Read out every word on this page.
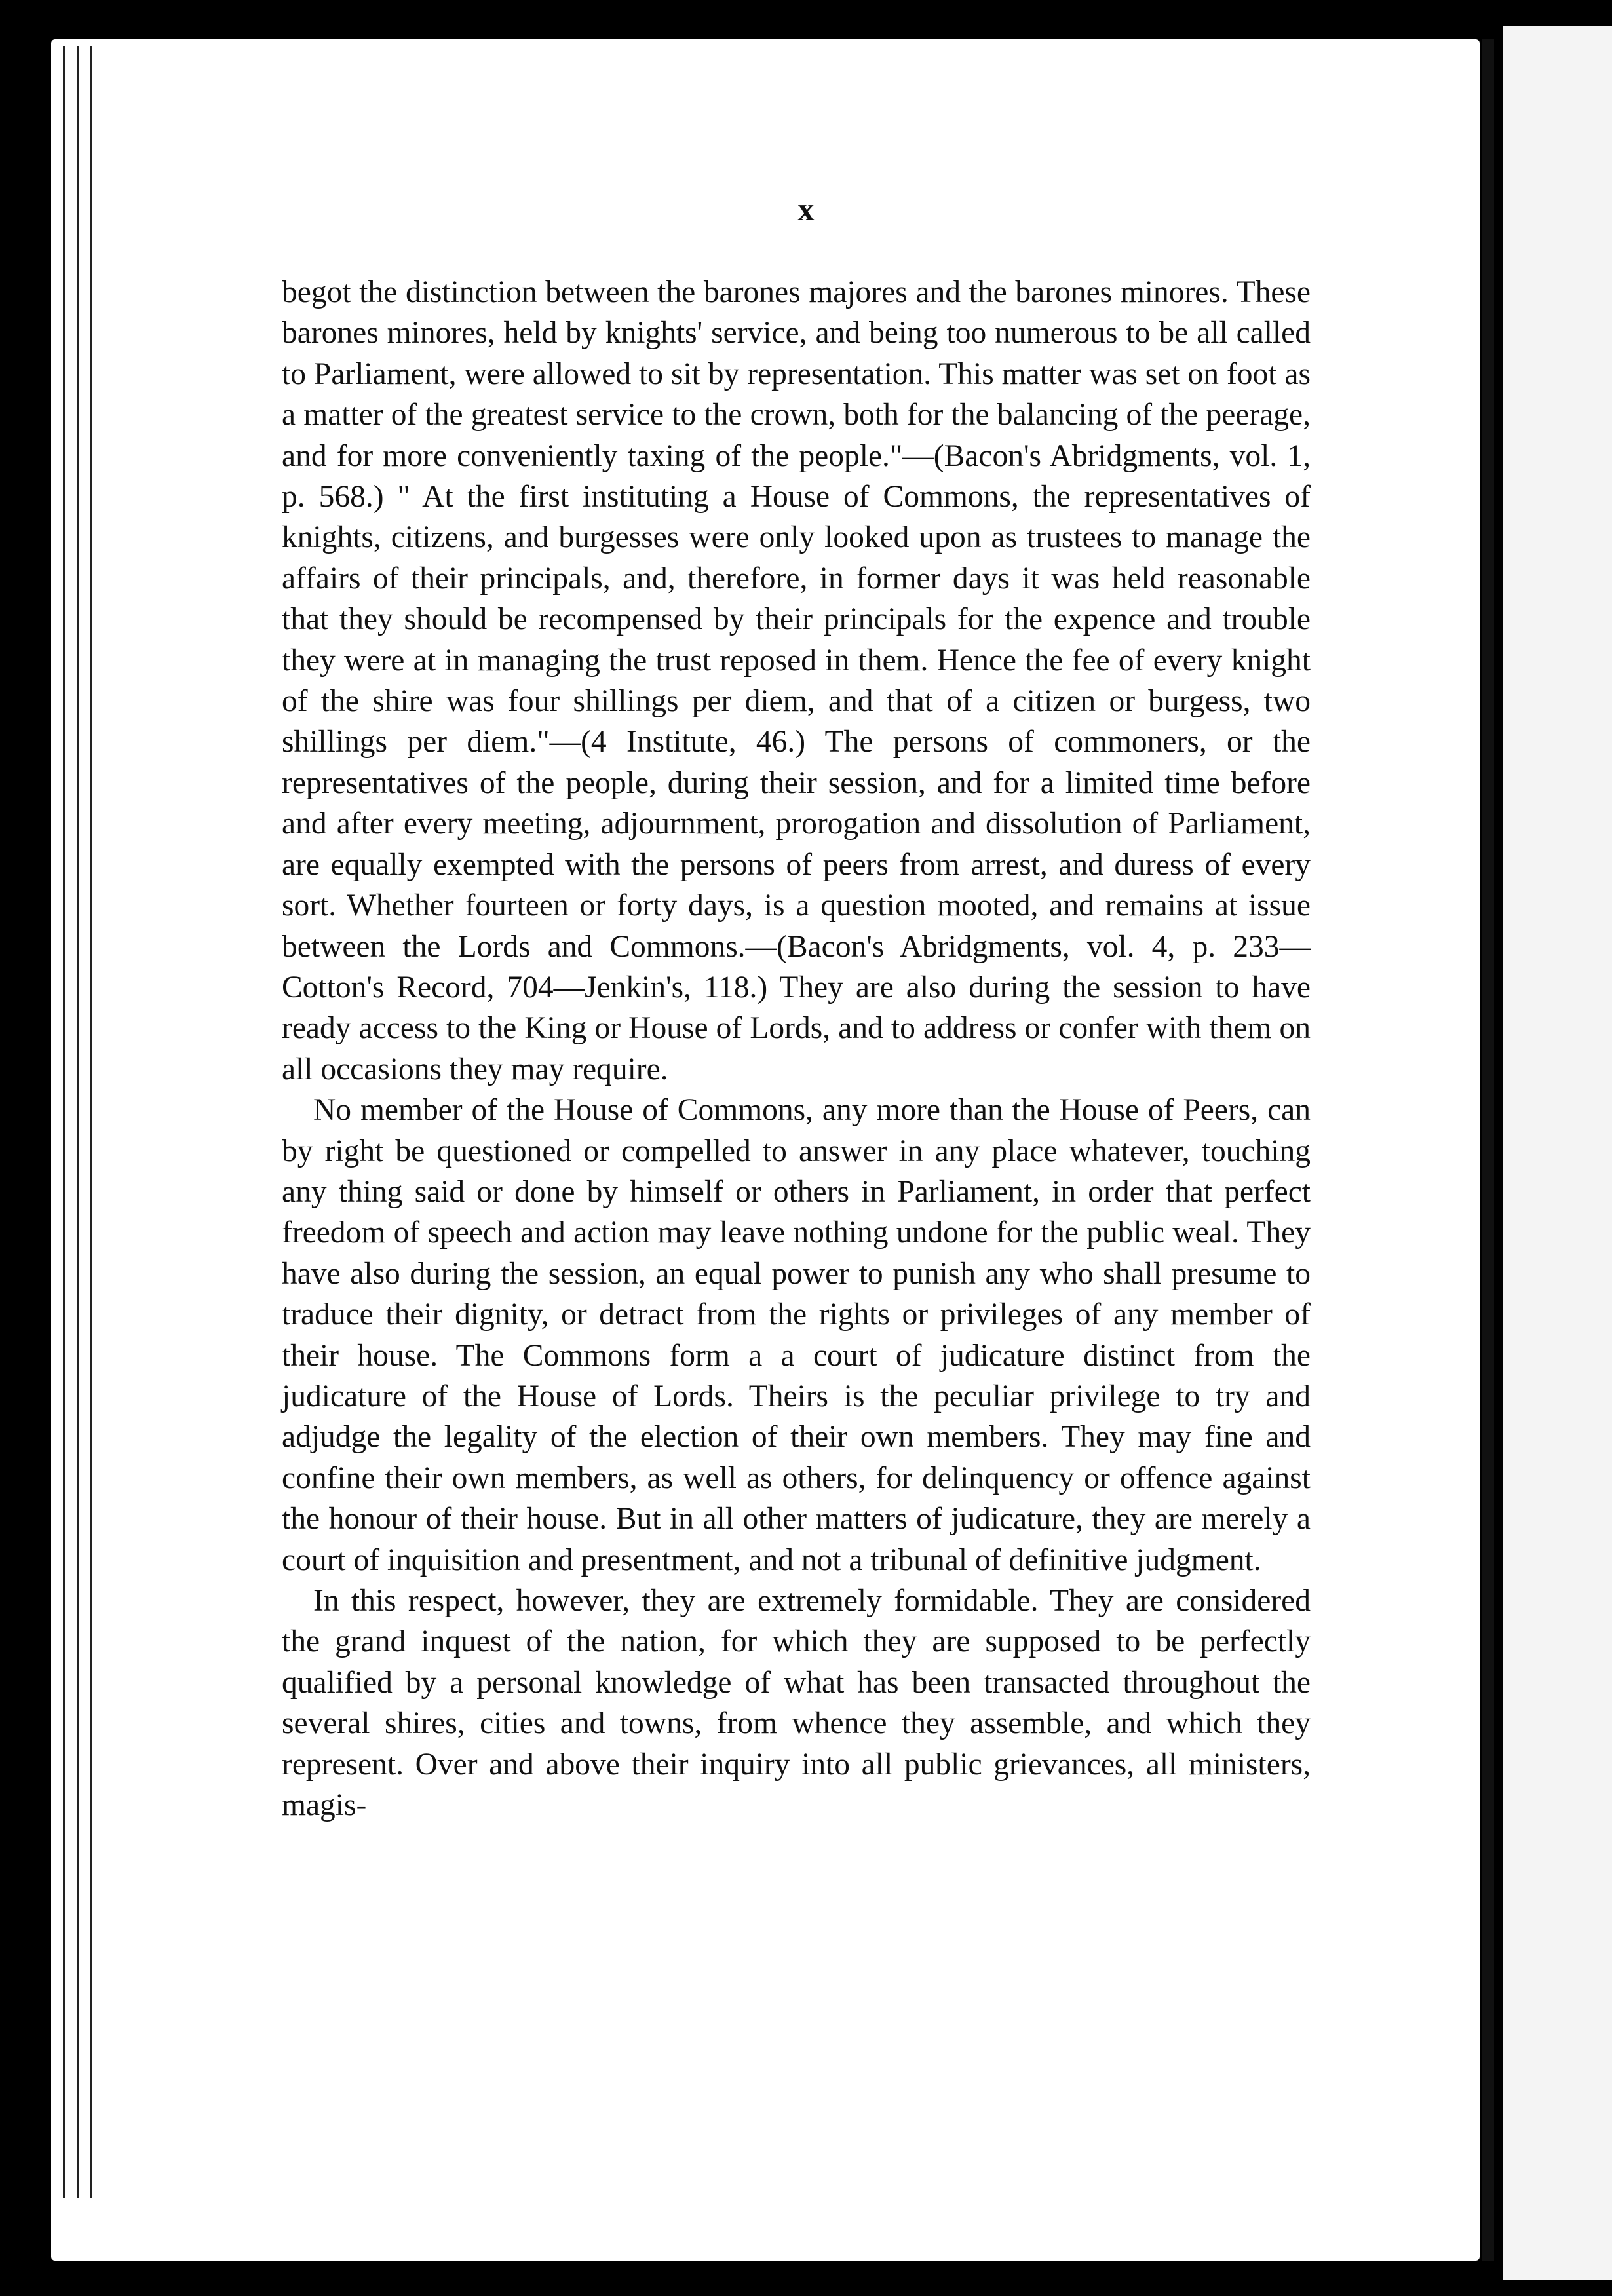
▾
▾
x

begot the distinction between the barones majores and the barones minores. These barones minores, held by knights' service, and being too numerous to be all called to Parliament, were allowed to sit by representation. This matter was set on foot as a matter of the greatest service to the crown, both for the balancing of the peerage, and for more conveniently taxing of the people."—(Bacon's Abridgments, vol. 1, p. 568.) " At the first instituting a House of Commons, the representatives of knights, citizens, and burgesses were only looked upon as trustees to manage the affairs of their principals, and, therefore, in former days it was held reasonable that they should be recompensed by their principals for the expence and trouble they were at in managing the trust reposed in them. Hence the fee of every knight of the shire was four shillings per diem, and that of a citizen or burgess, two shillings per diem."—(4 Institute, 46.) The persons of commoners, or the representatives of the people, during their session, and for a limited time before and after every meeting, adjournment, prorogation and dissolution of Parliament, are equally exempted with the persons of peers from arrest, and duress of every sort. Whether fourteen or forty days, is a question mooted, and remains at issue between the Lords and Commons.—(Bacon's Abridgments, vol. 4, p. 233—Cotton's Record, 704—Jenkin's, 118.) They are also during the session to have ready access to the King or House of Lords, and to address or confer with them on all occasions they may require.

No member of the House of Commons, any more than the House of Peers, can by right be questioned or compelled to answer in any place whatever, touching any thing said or done by himself or others in Parliament, in order that perfect freedom of speech and action may leave nothing undone for the public weal. They have also during the session, an equal power to punish any who shall presume to traduce their dignity, or detract from the rights or privileges of any member of their house. The Commons form a a court of judicature distinct from the judicature of the House of Lords. Theirs is the peculiar privilege to try and adjudge the legality of the election of their own members. They may fine and confine their own members, as well as others, for delinquency or offence against the honour of their house. But in all other matters of judicature, they are merely a court of inquisition and presentment, and not a tribunal of definitive judgment.

In this respect, however, they are extremely formidable. They are considered the grand inquest of the nation, for which they are supposed to be perfectly qualified by a personal knowledge of what has been transacted throughout the several shires, cities and towns, from whence they assemble, and which they represent. Over and above their inquiry into all public grievances, all ministers, magis-
